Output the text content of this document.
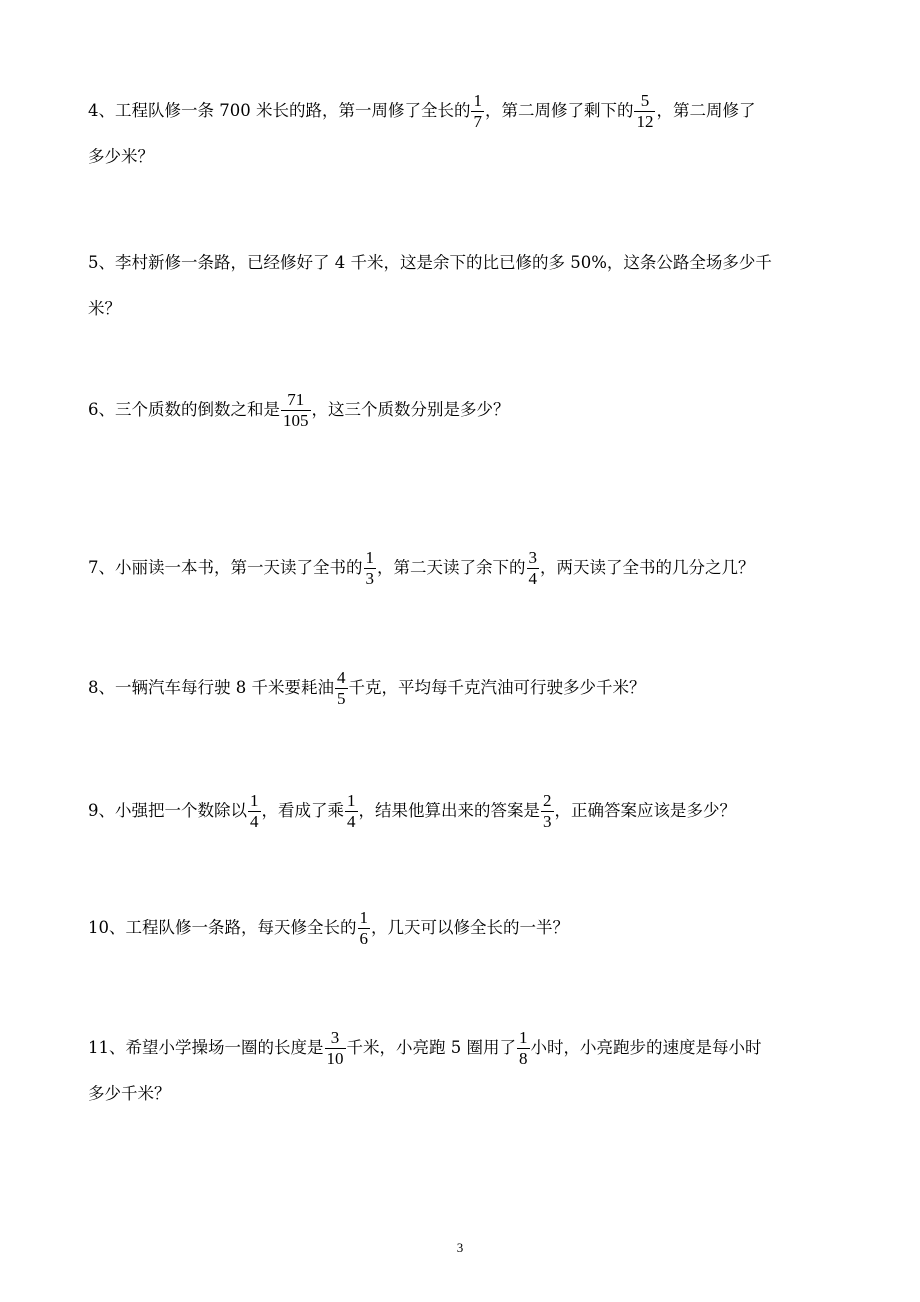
4、工程队修一条 700 米长的路，第一周修了全长的 $\frac{1}{7}$ ，第二周修了剩下的 $\frac{5}{12}$ ，第二周修了
多少米？
5、李村新修一条路，已经修好了 4 千米，这是余下的比已修的多 50%，这条公路全场多少千
米？
6、三个质数的倒数之和是 $\frac{71}{105}$ ，这三个质数分别是多少？
7、小丽读一本书，第一天读了全书的 $\frac{1}{3}$ ，第二天读了余下的 $\frac{3}{4}$ ，两天读了全书的几分之几？
8、一辆汽车每行驶 8 千米要耗油 $\frac{4}{5}$ 千克，平均每千克汽油可行驶多少千米？
9、小强把一个数除以 $\frac{1}{4}$ ，看成了乘 $\frac{1}{4}$ ，结果他算出来的答案是 $\frac{2}{3}$ ，正确答案应该是多少？
10、工程队修一条路，每天修全长的 $\frac{1}{6}$ ，几天可以修全长的一半？
11、希望小学操场一圈的长度是 $\frac{3}{10}$ 千米，小亮跑 5 圈用了 $\frac{1}{8}$ 小时，小亮跑步的速度是每小时
多少千米？
3
